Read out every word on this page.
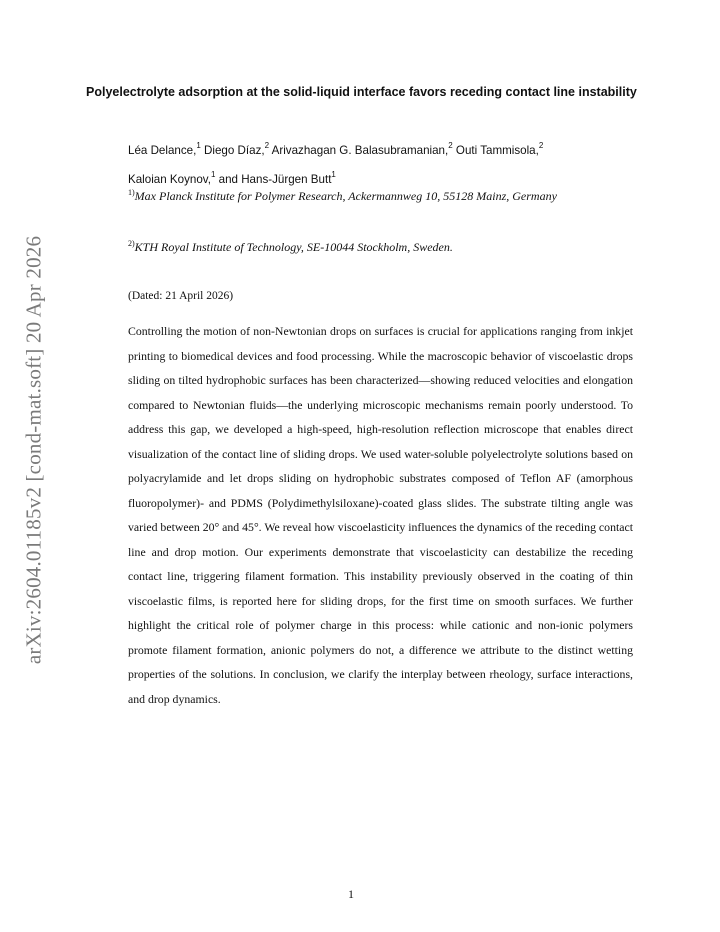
arXiv:2604.01185v2 [cond-mat.soft] 20 Apr 2026
Polyelectrolyte adsorption at the solid-liquid interface favors receding contact line instability
Léa Delance,$^1$ Diego Díaz,$^2$ Arivazhagan G. Balasubramanian,$^2$ Outi Tammisola,$^2$
Kaloian Koynov,$^1$ and Hans-Jürgen Butt$^1$
$^{1)}$Max Planck Institute for Polymer Research, Ackermannweg 10, 55128 Mainz, Germany
$^{2)}$KTH Royal Institute of Technology, SE-10044 Stockholm, Sweden.
(Dated: 21 April 2026)
Controlling the motion of non-Newtonian drops on surfaces is crucial for applications ranging from inkjet printing to biomedical devices and food processing. While the macroscopic behavior of viscoelastic drops sliding on tilted hydrophobic surfaces has been characterized—showing reduced velocities and elongation compared to Newtonian fluids—the underlying microscopic mechanisms remain poorly understood. To address this gap, we developed a high-speed, high-resolution reflection microscope that enables direct visualization of the contact line of sliding drops. We used water-soluble polyelectrolyte solutions based on polyacrylamide and let drops sliding on hydrophobic substrates composed of Teflon AF (amorphous fluoropolymer)- and PDMS (Polydimethylsiloxane)-coated glass slides. The substrate tilting angle was varied between 20° and 45°. We reveal how viscoelasticity influences the dynamics of the receding contact line and drop motion. Our experiments demonstrate that viscoelasticity can destabilize the receding contact line, triggering filament formation. This instability previously observed in the coating of thin viscoelastic films, is reported here for sliding drops, for the first time on smooth surfaces. We further highlight the critical role of polymer charge in this process: while cationic and non-ionic polymers promote filament formation, anionic polymers do not, a difference we attribute to the distinct wetting properties of the solutions. In conclusion, we clarify the interplay between rheology, surface interactions, and drop dynamics.
1
